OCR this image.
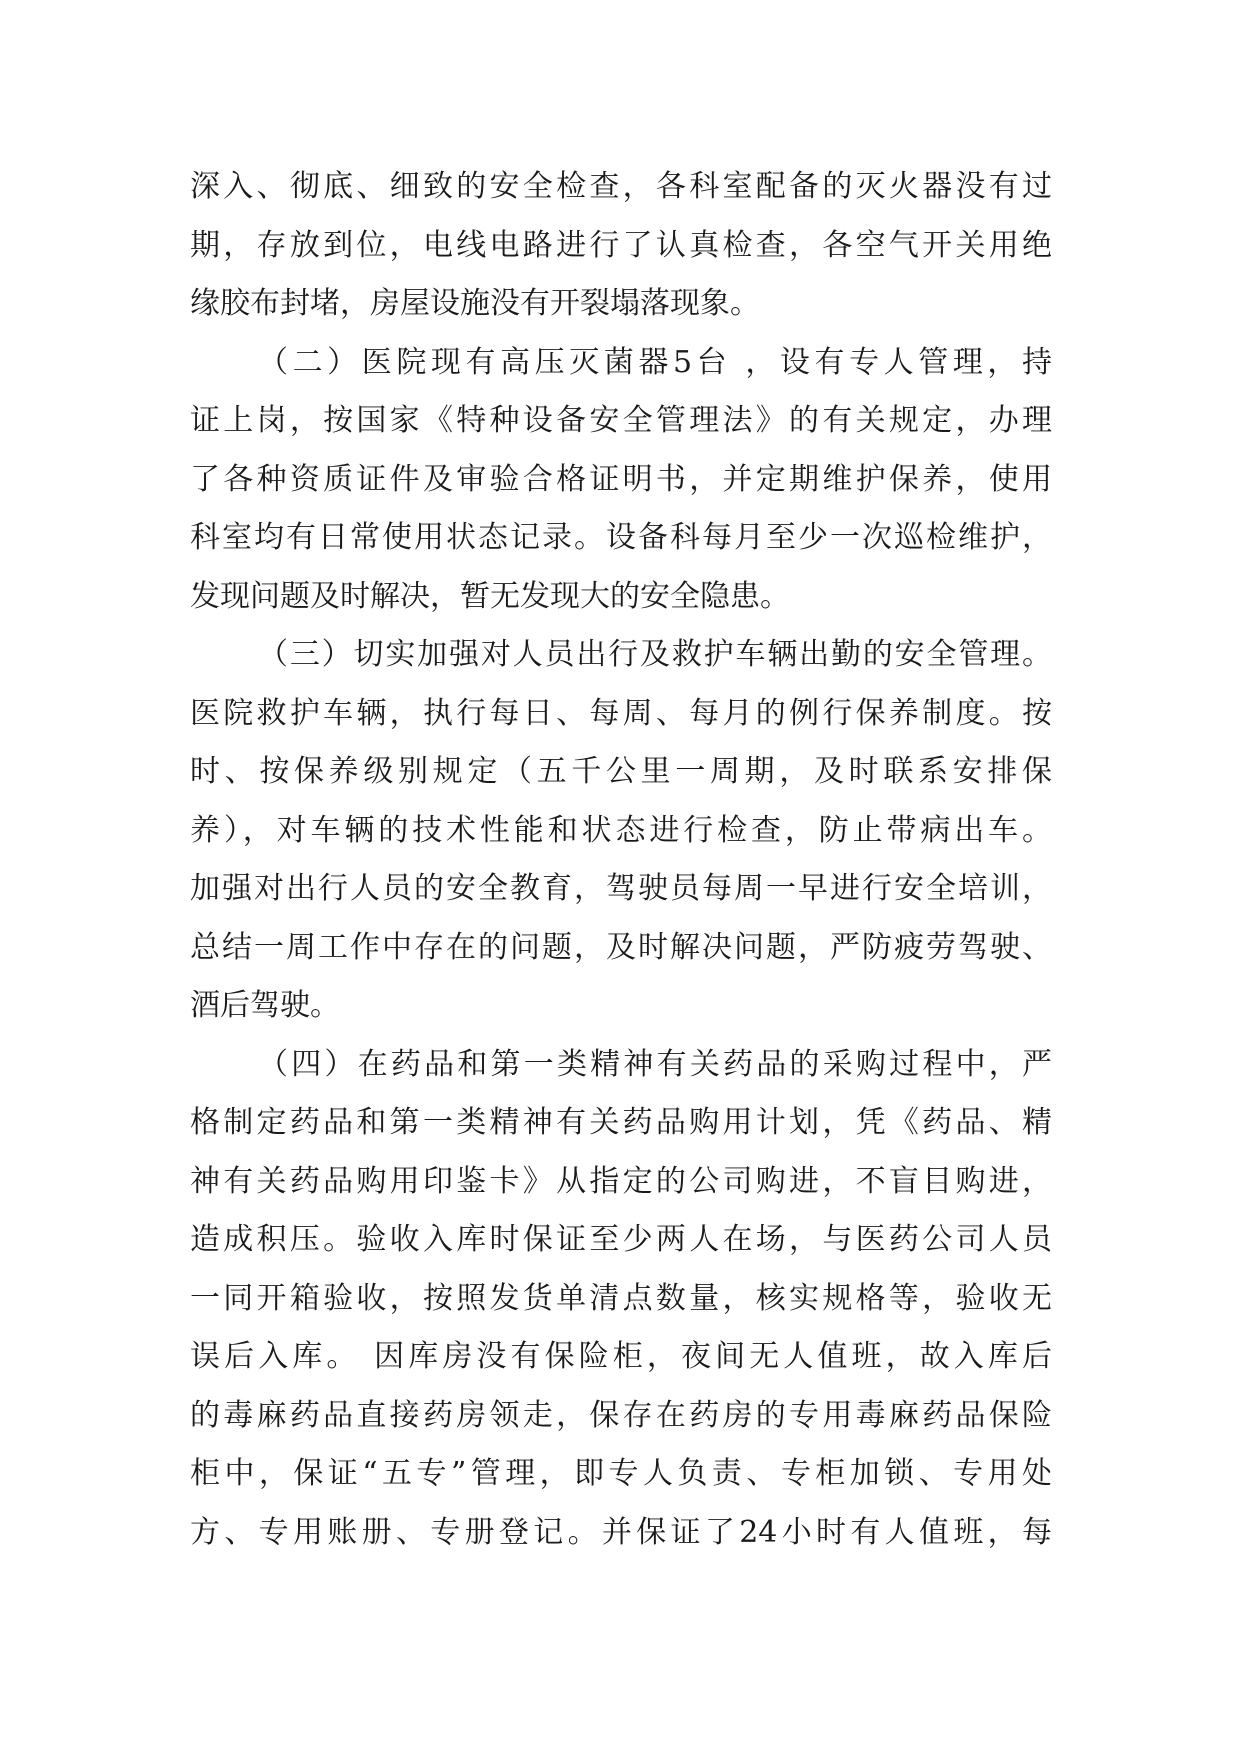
深入、彻底、细致的安全检查，各科室配备的灭火器没有过
期，存放到位，电线电路进行了认真检查，各空气开关用绝
缘胶布封堵，房屋设施没有开裂塌落现象。
（二）医院现有高压灭菌器5台 ，设有专人管理，持
证上岗，按国家《特种设备安全管理法》的有关规定，办理
了各种资质证件及审验合格证明书，并定期维护保养，使用
科室均有日常使用状态记录。设备科每月至少一次巡检维护，
发现问题及时解决，暂无发现大的安全隐患。
（三）切实加强对人员出行及救护车辆出勤的安全管理。
医院救护车辆，执行每日、每周、每月的例行保养制度。按
时、按保养级别规定（五千公里一周期，及时联系安排保
养），对车辆的技术性能和状态进行检查，防止带病出车。
加强对出行人员的安全教育，驾驶员每周一早进行安全培训，
总结一周工作中存在的问题，及时解决问题，严防疲劳驾驶、
酒后驾驶。
（四）在药品和第一类精神有关药品的采购过程中，严
格制定药品和第一类精神有关药品购用计划，凭《药品、精
神有关药品购用印鉴卡》从指定的公司购进，不盲目购进，
造成积压。验收入库时保证至少两人在场，与医药公司人员
一同开箱验收，按照发货单清点数量，核实规格等，验收无
误后入库。 因库房没有保险柜，夜间无人值班，故入库后
的毒麻药品直接药房领走，保存在药房的专用毒麻药品保险
柜中，保证“五专”管理，即专人负责、专柜加锁、专用处
方、专用账册、专册登记。并保证了24小时有人值班，每
